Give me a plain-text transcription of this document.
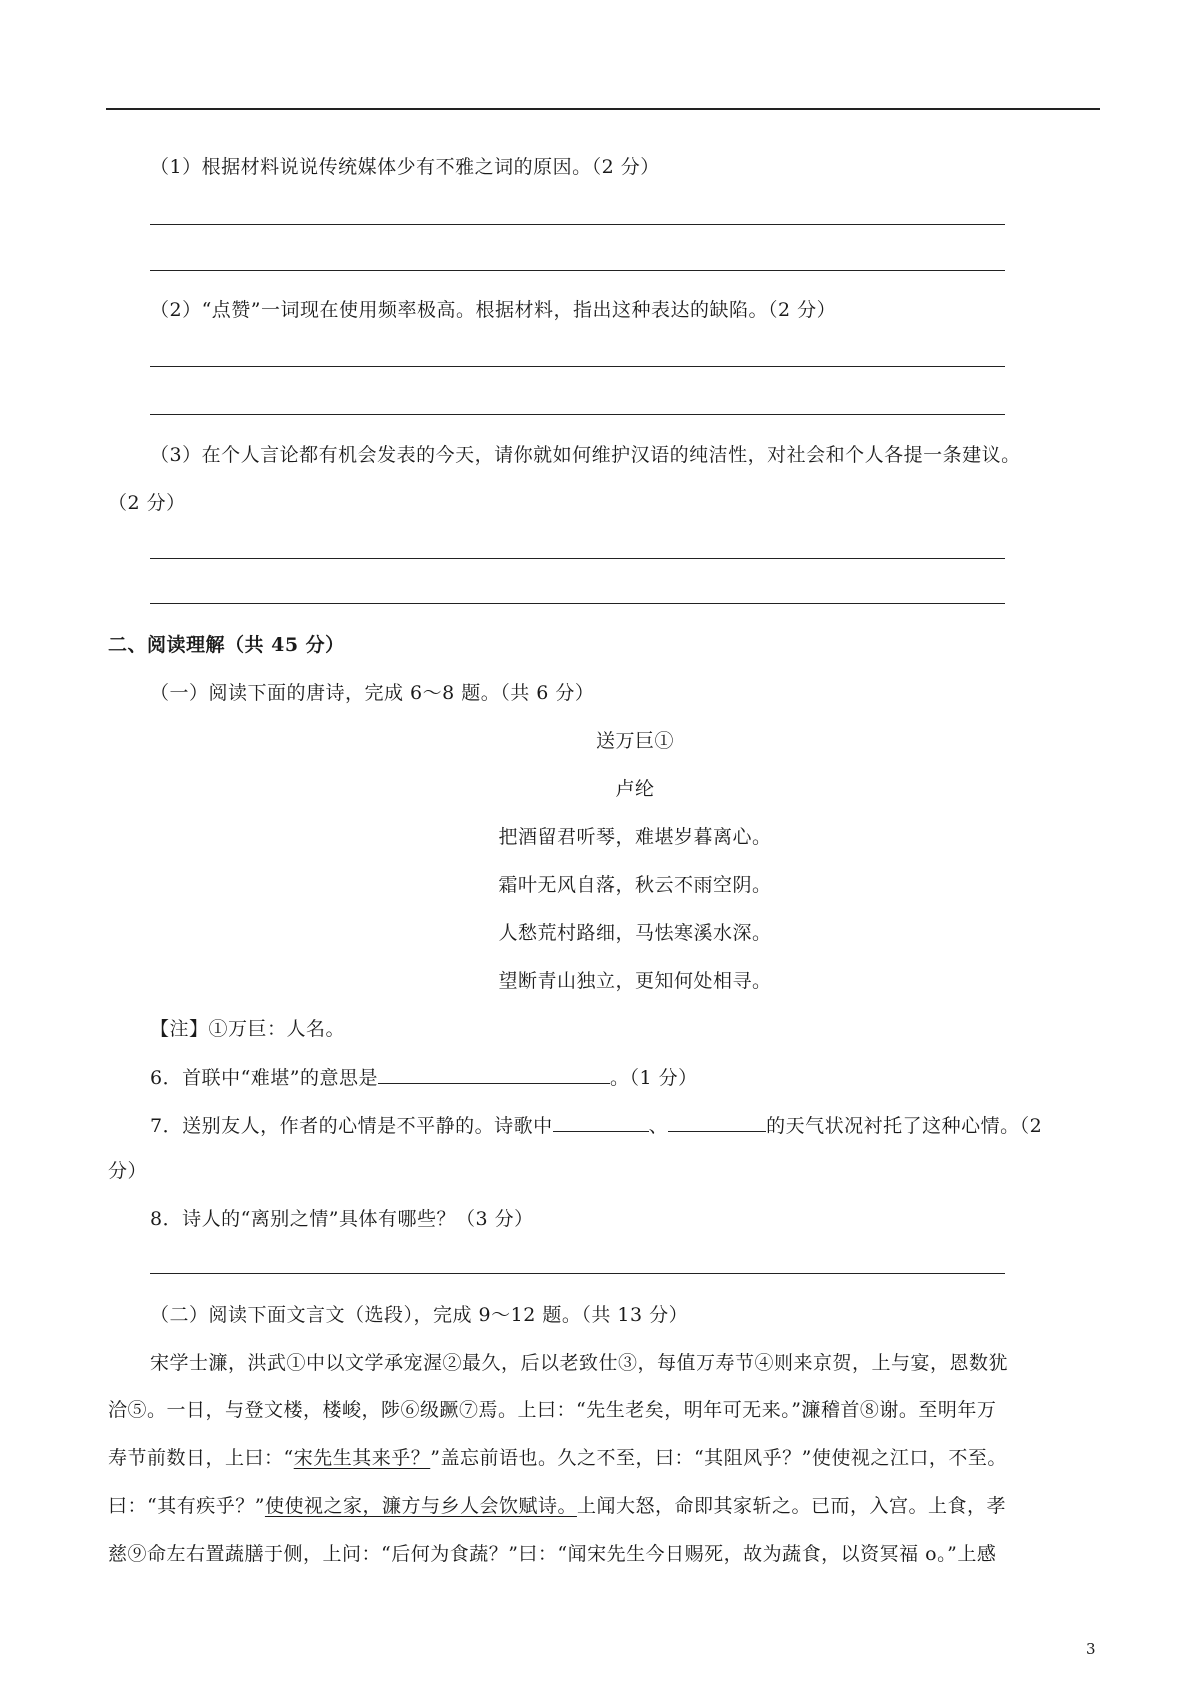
（1）根据材料说说传统媒体少有不雅之词的原因。（2 分）
（2）“点赞”一词现在使用频率极高。根据材料，指出这种表达的缺陷。（2 分）
（3）在个人言论都有机会发表的今天，请你就如何维护汉语的纯洁性，对社会和个人各提一条建议。
（2 分）
二、阅读理解（共 45 分）
（一）阅读下面的唐诗，完成 6～8 题。（共 6 分）
送万巨①
卢纶
把酒留君听琴，难堪岁暮离心。
霜叶无风自落，秋云不雨空阴。
人愁荒村路细，马怯寒溪水深。
望断青山独立，更知何处相寻。
【注】①万巨：人名。
6．首联中“难堪”的意思是	。（1 分）
7．送别友人，作者的心情是不平静的。诗歌中	、	的天气状况衬托了这种心情。（2
分）
8．诗人的“离别之情”具体有哪些？（3 分）
（二）阅读下面文言文（选段），完成 9～12 题。（共 13 分）
宋学士濂，洪武①中以文学承宠渥②最久，后以老致仕③，每值万寿节④则来京贺，上与宴，恩数犹
洽⑤。一日，与登文楼，楼峻，陟⑥级蹶⑦焉。上曰：“先生老矣，明年可无来。”濂稽首⑧谢。至明年万
寿节前数日，上曰：“宋先生其来乎？”盖忘前语也。久之不至，曰：“其阻风乎？”使使视之江口，不至。
曰：“其有疾乎？”使使视之家，濂方与乡人会饮赋诗。上闻大怒，命即其家斩之。已而，入宫。上食，孝
慈⑨命左右置蔬膳于侧，上问：“后何为食蔬？”曰：“闻宋先生今日赐死，故为蔬食，以资冥福 o。”上感
3
